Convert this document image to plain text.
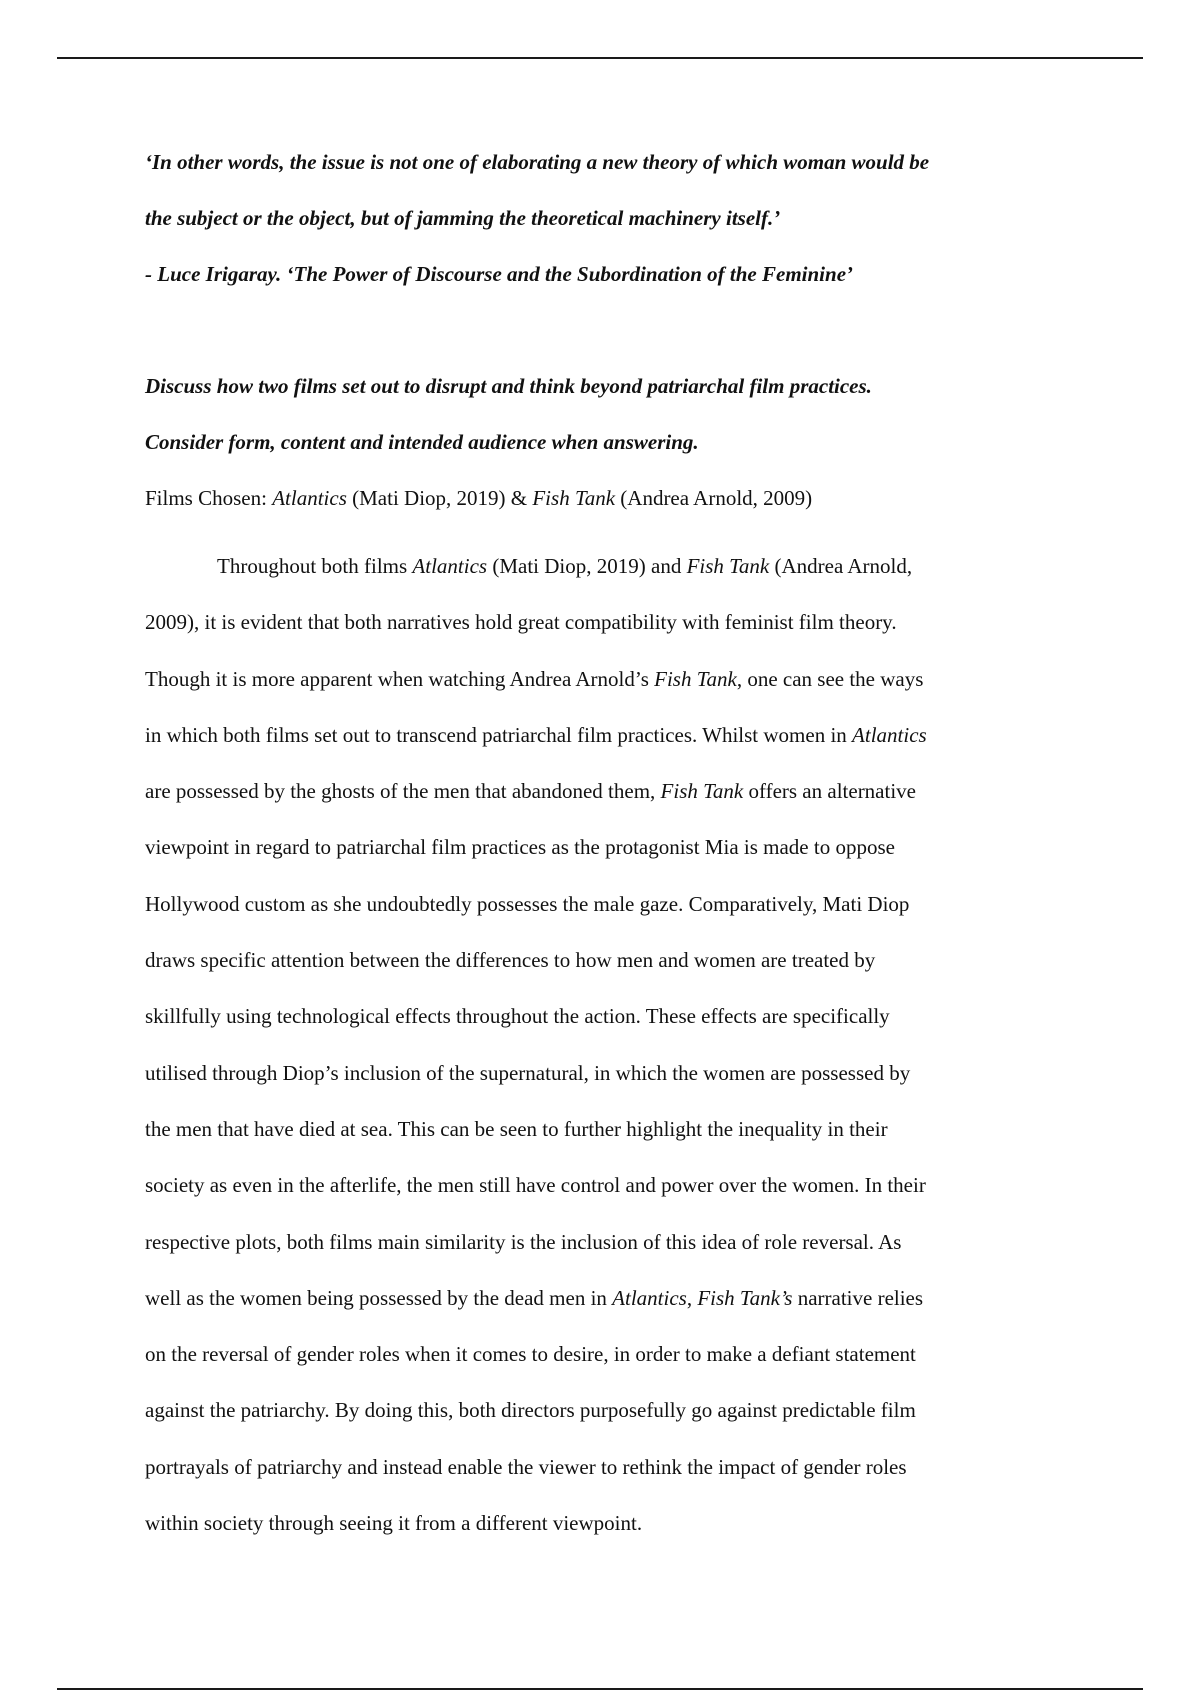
‘In other words, the issue is not one of elaborating a new theory of which woman would be

the subject or the object, but of jamming the theoretical machinery itself.’

- Luce Irigaray. ‘The Power of Discourse and the Subordination of the Feminine’

Discuss how two films set out to disrupt and think beyond patriarchal film practices.

Consider form, content and intended audience when answering.

Films Chosen: Atlantics (Mati Diop, 2019) & Fish Tank (Andrea Arnold, 2009)

Throughout both films Atlantics (Mati Diop, 2019) and Fish Tank (Andrea Arnold,
2009), it is evident that both narratives hold great compatibility with feminist film theory.
Though it is more apparent when watching Andrea Arnold’s Fish Tank, one can see the ways
in which both films set out to transcend patriarchal film practices. Whilst women in Atlantics
are possessed by the ghosts of the men that abandoned them, Fish Tank offers an alternative
viewpoint in regard to patriarchal film practices as the protagonist Mia is made to oppose
Hollywood custom as she undoubtedly possesses the male gaze. Comparatively, Mati Diop
draws specific attention between the differences to how men and women are treated by
skillfully using technological effects throughout the action. These effects are specifically
utilised through Diop’s inclusion of the supernatural, in which the women are possessed by
the men that have died at sea. This can be seen to further highlight the inequality in their
society as even in the afterlife, the men still have control and power over the women. In their
respective plots, both films main similarity is the inclusion of this idea of role reversal. As
well as the women being possessed by the dead men in Atlantics, Fish Tank’s narrative relies
on the reversal of gender roles when it comes to desire, in order to make a defiant statement
against the patriarchy. By doing this, both directors purposefully go against predictable film
portrayals of patriarchy and instead enable the viewer to rethink the impact of gender roles
within society through seeing it from a different viewpoint.
